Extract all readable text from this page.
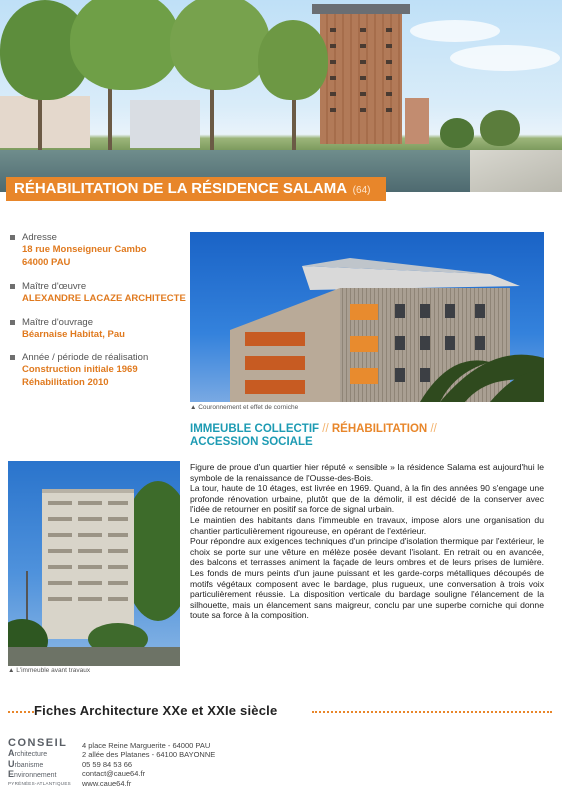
RÉHABILITATION DE LA RÉSIDENCE SALAMA (64)
Adresse
18 rue Monseigneur Cambo
64000 PAU
Maître d'œuvre
ALEXANDRE LACAZE ARCHITECTE
Maître d'ouvrage
Béarnaise Habitat, Pau
Année / période de réalisation
Construction initiale 1969
Réhabilitation 2010
▲ Couronnement et effet de corniche
IMMEUBLE COLLECTIF // RÉHABILITATION //
ACCESSION SOCIALE
▲ L'immeuble avant travaux

Figure de proue d'un quartier hier réputé « sensible » la résidence Salama est aujourd'hui le symbole de la renaissance de l'Ousse-des-Bois.

La tour, haute de 10 étages, est livrée en 1969. Quand, à la fin des années 90 s'engage une profonde rénovation urbaine, plutôt que de la démolir, il est décidé de la conserver avec l'idée de retourner en positif sa force de signal urbain.

Le maintien des habitants dans l'immeuble en travaux, impose alors une organisation du chantier particulièrement rigoureuse, en opérant de l'extérieur.

Pour répondre aux exigences techniques d'un principe d'isolation thermique par l'extérieur, le choix se porte sur une vêture en mélèze posée devant l'isolant. En retrait ou en avancée, des balcons et terrasses animent la façade de leurs ombres et de leurs prises de lumière. Les fonds de murs peints d'un jaune puissant et les garde-corps métalliques découpés de motifs végétaux composent avec le bardage, plus rugueux, une conversation à trois voix particulièrement réussie. La disposition verticale du bardage souligne l'élancement de la silhouette, mais un élancement sans maigreur, conclu par une superbe corniche qui donne toute sa force à la composition.

Fiches Architecture XXe et XXIe siècle
CONSEIL
Architecture
Urbanisme
Environnement
PYRÉNÉES-ATLANTIQUES
4 place Reine Marguerite - 64000 PAU
2 allée des Platanes - 64100 BAYONNE
05 59 84 53 66
contact@caue64.fr
www.caue64.fr
